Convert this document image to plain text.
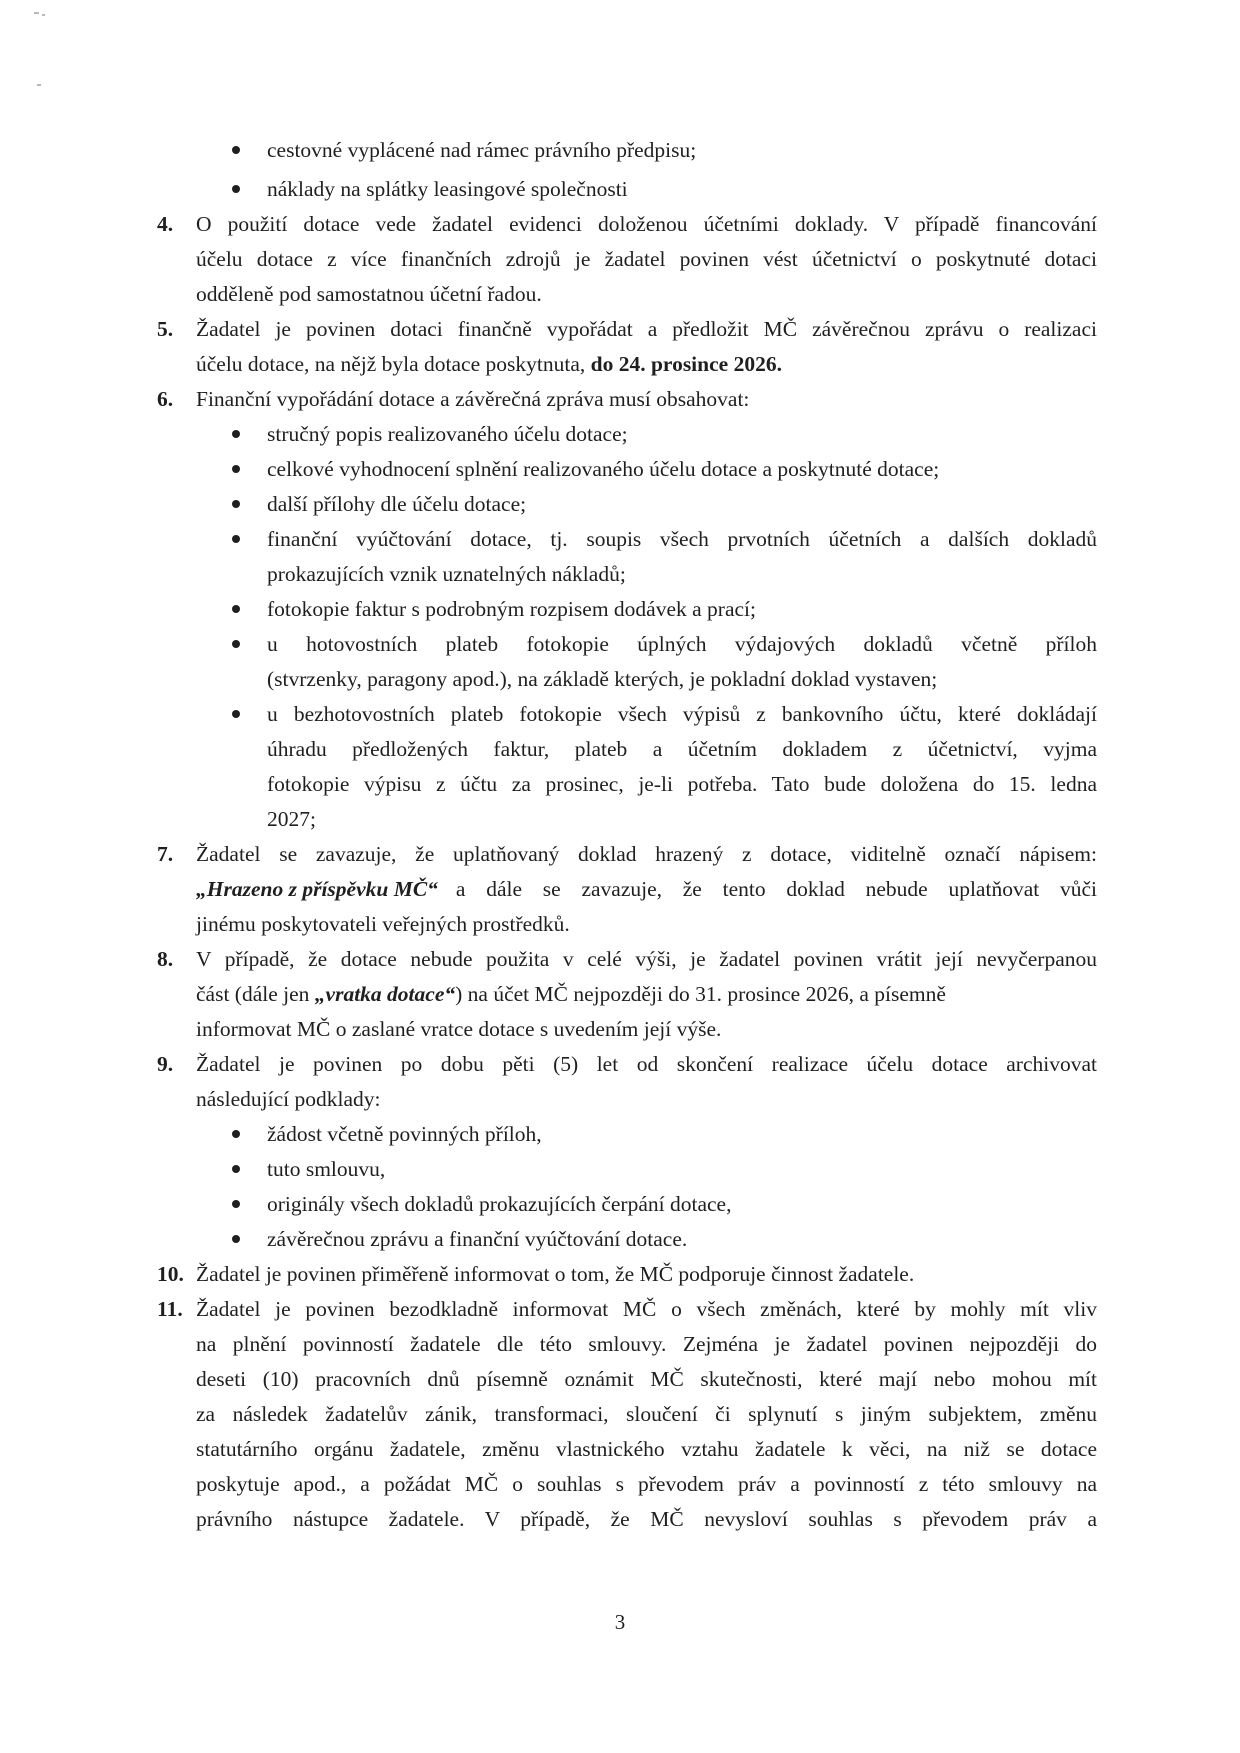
cestovné vyplácené nad rámec právního předpisu;
náklady na splátky leasingové společnosti
4. O použití dotace vede žadatel evidenci doloženou účetními doklady. V případě financování
účelu dotace z více finančních zdrojů je žadatel povinen vést účetnictví o poskytnuté dotaci
odděleně pod samostatnou účetní řadou.
5. Žadatel je povinen dotaci finančně vypořádat a předložit MČ závěrečnou zprávu o realizaci
účelu dotace, na nějž byla dotace poskytnuta, do 24. prosince 2026.
6. Finanční vypořádání dotace a závěrečná zpráva musí obsahovat:
stručný popis realizovaného účelu dotace;
celkové vyhodnocení splnění realizovaného účelu dotace a poskytnuté dotace;
další přílohy dle účelu dotace;
finanční vyúčtování dotace, tj. soupis všech prvotních účetních a dalších dokladů
prokazujících vznik uznatelných nákladů;
fotokopie faktur s podrobným rozpisem dodávek a prací;
u hotovostních plateb fotokopie úplných výdajových dokladů včetně příloh
(stvrzenky, paragony apod.), na základě kterých, je pokladní doklad vystaven;
u bezhotovostních plateb fotokopie všech výpisů z bankovního účtu, které dokládají
úhradu předložených faktur, plateb a účetním dokladem z účetnictví, vyjma
fotokopie výpisu z účtu za prosinec, je-li potřeba. Tato bude doložena do 15. ledna
2027;
7. Žadatel se zavazuje, že uplatňovaný doklad hrazený z dotace, viditelně označí nápisem:
„Hrazeno z příspěvku MČ“ a dále se zavazuje, že tento doklad nebude uplatňovat vůči
jinému poskytovateli veřejných prostředků.
8. V případě, že dotace nebude použita v celé výši, je žadatel povinen vrátit její nevyčerpanou
část (dále jen „vratka dotace“) na účet MČ nejpozději do 31. prosince 2026, a písemně
informovat MČ o zaslané vratce dotace s uvedením její výše.
9. Žadatel je povinen po dobu pěti (5) let od skončení realizace účelu dotace archivovat
následující podklady:
žádost včetně povinných příloh,
tuto smlouvu,
originály všech dokladů prokazujících čerpání dotace,
závěrečnou zprávu a finanční vyúčtování dotace.
10. Žadatel je povinen přiměřeně informovat o tom, že MČ podporuje činnost žadatele.
11. Žadatel je povinen bezodkladně informovat MČ o všech změnách, které by mohly mít vliv
na plnění povinností žadatele dle této smlouvy. Zejména je žadatel povinen nejpozději do
deseti (10) pracovních dnů písemně oznámit MČ skutečnosti, které mají nebo mohou mít
za následek žadatelův zánik, transformaci, sloučení či splynutí s jiným subjektem, změnu
statutárního orgánu žadatele, změnu vlastnického vztahu žadatele k věci, na niž se dotace
poskytuje apod., a požádat MČ o souhlas s převodem práv a povinností z této smlouvy na
právního nástupce žadatele. V případě, že MČ nevysloví souhlas s převodem práv a
3
